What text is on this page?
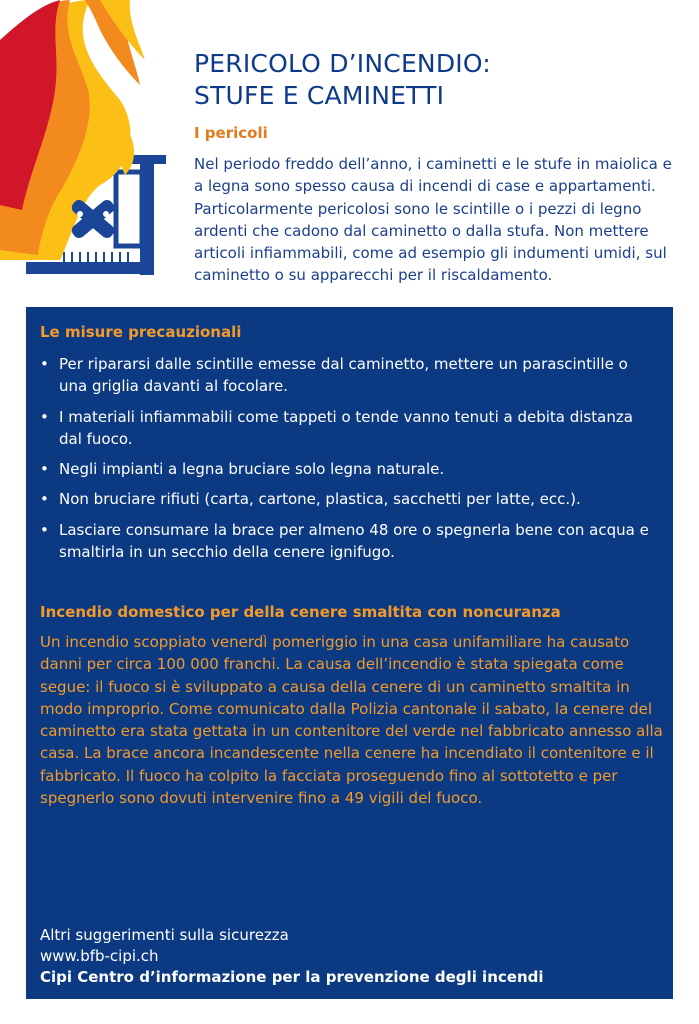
PERICOLO D’INCENDIO:
STUFE E CAMINETTI
I pericoli

Nel periodo freddo dell’anno, i caminetti e le stufe in maiolica e a legna sono spesso causa di incendi di case e appartamenti. Particolarmente pericolosi sono le scintille o i pezzi di legno ardenti che cadono dal caminetto o dalla stufa. Non mettere articoli infiammabili, come ad esempio gli indumenti umidi, sul caminetto o su apparecchi per il riscaldamento.

Le misure precauzionali
• Per ripararsi dalle scintille emesse dal caminetto, mettere un parascintille o una griglia davanti al focolare.
• I materiali infiammabili come tappeti o tende vanno tenuti a debita distanza dal fuoco.
• Negli impianti a legna bruciare solo legna naturale.
• Non bruciare rifiuti (carta, cartone, plastica, sacchetti per latte, ecc.).
• Lasciare consumare la brace per almeno 48 ore o spegnerla bene con acqua e smaltirla in un secchio della cenere ignifugo.
Incendio domestico per della cenere smaltita con noncuranza

Un incendio scoppiato venerdì pomeriggio in una casa unifamiliare ha causato danni per circa 100 000 franchi. La causa dell’incendio è stata spiegata come segue: il fuoco si è sviluppato a causa della cenere di un caminetto smaltita in modo improprio. Come comunicato dalla Polizia cantonale il sabato, la cenere del caminetto era stata gettata in un contenitore del verde nel fabbricato annesso alla casa. La brace ancora incandescente nella cenere ha incendiato il contenitore e il fabbricato. Il fuoco ha colpito la facciata proseguendo fino al sottotetto e per spegnerlo sono dovuti intervenire fino a 49 vigili del fuoco.

Altri suggerimenti sulla sicurezza
www.bfb-cipi.ch
Cipi Centro d’informazione per la prevenzione degli incendi
